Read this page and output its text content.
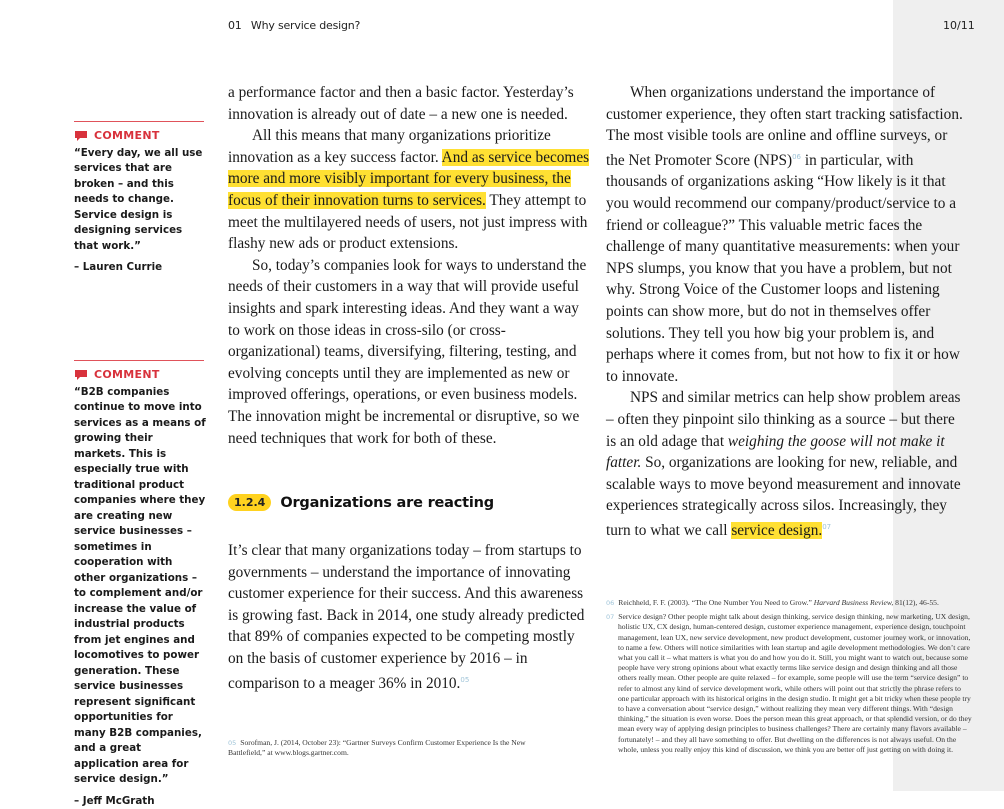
01 Why service design?	10/11
COMMENT

“Every day, we all use services that are broken – and this needs to change. Service design is designing services that work.”

– Lauren Currie
COMMENT

“B2B companies continue to move into services as a means of growing their markets. This is especially true with traditional product companies where they are creating new service businesses – sometimes in cooperation with other organizations – to complement and/or increase the value of industrial products from jet engines and locomotives to power generation. These service businesses represent significant opportunities for many B2B companies, and a great application area for service design.”

– Jeff McGrath

a performance factor and then a basic factor. Yesterday’s innovation is already out of date – a new one is needed.

All this means that many organizations prioritize innovation as a key success factor. And as service becomes more and more visibly important for every business, the focus of their innovation turns to services. They attempt to meet the multilayered needs of users, not just impress with flashy new ads or product extensions.

So, today’s companies look for ways to understand the needs of their customers in a way that will provide useful insights and spark interesting ideas. And they want a way to work on those ideas in cross-silo (or cross-organizational) teams, diversifying, filtering, testing, and evolving concepts until they are implemented as new or improved offerings, operations, or even business models. The innovation might be incremental or disruptive, so we need techniques that work for both of these.

1.2.4	Organizations are reacting

It’s clear that many organizations today – from startups to governments – understand the importance of innovating customer experience for their success. And this awareness is growing fast. Back in 2014, one study already predicted that 89% of companies expected to be competing mostly on the basis of customer experience by 2016 – in comparison to a meager 36% in 2010.05

05 Sorofman, J. (2014, October 23): “Gartner Surveys Confirm Customer Experience Is the New Battlefield,” at www.blogs.gartner.com.

When organizations understand the importance of customer experience, they often start tracking satisfaction. The most visible tools are online and offline surveys, or the Net Promoter Score (NPS)$^{06}$ in particular, with thousands of organizations asking “How likely is it that you would recommend our company/product/service to a friend or colleague?” This valuable metric faces the challenge of many quantitative measurements: when your NPS slumps, you know that you have a problem, but not why. Strong Voice of the Customer loops and listening points can show more, but do not in themselves offer solutions. They tell you how big your problem is, and perhaps where it comes from, but not how to fix it or how to innovate.

NPS and similar metrics can help show problem areas – often they pinpoint silo thinking as a source – but there is an old adage that weighing the goose will not make it fatter. So, organizations are looking for new, reliable, and scalable ways to move beyond measurement and innovate experiences strategically across silos. Increasingly, they turn to what we call service design.$^{07}$

06 Reichheld, F. F. (2003). “The One Number You Need to Grow.” Harvard Business Review, 81(12), 46-55.
07 Service design? Other people might talk about design thinking, service design thinking, new marketing, UX design, holistic UX, CX design, human-centered design, customer experience management, experience design, touchpoint management, lean UX, new service development, new product development, customer journey work, or innovation, to name a few. Others will notice similarities with lean startup and agile development methodologies. We don’t care what you call it – what matters is what you do and how you do it. Still, you might want to watch out, because some people have very strong opinions about what exactly terms like service design and design thinking and all those others really mean. Other people are quite relaxed – for example, some people will use the term “service design” to refer to almost any kind of service development work, while others will point out that strictly the phrase refers to one particular approach with its historical origins in the design studio. It might get a bit tricky when these people try to have a conversation about “service design,” without realizing they mean very different things. With “design thinking,” the situation is even worse. Does the person mean this great approach, or that splendid version, or do they mean every way of applying design principles to business challenges? There are certainly many flavors available – fortunately! – and they all have something to offer. But dwelling on the differences is not always useful. On the whole, unless you really enjoy this kind of discussion, we think you are better off just getting on with doing it.
